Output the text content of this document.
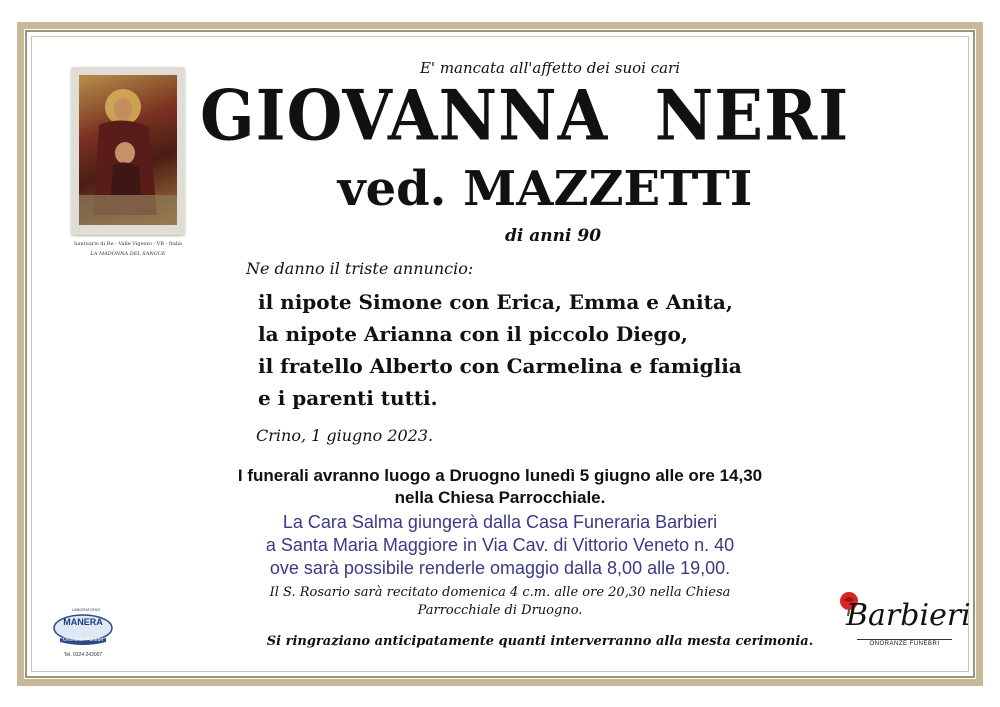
Santuario di Re - Valle Vigezzo - VB - Italia
LA MADONNA DEL SANGUE
E' mancata all'affetto dei suoi cari
GIOVANNA  NERI
ved. MAZZETTI
di anni 90
Ne danno il triste annuncio:
il nipote Simone con Erica, Emma e Anita,
la nipote Arianna con il piccolo Diego,
il fratello Alberto con Carmelina e famiglia
e i parenti tutti.
Crino, 1 giugno 2023.
I funerali avranno luogo a Druogno lunedì 5 giugno alle ore 14,30
nella Chiesa Parrocchiale.
La Cara Salma giungerà dalla Casa Funeraria Barbieri
a Santa Maria Maggiore in Via Cav. di Vittorio Veneto n. 40
ove sarà possibile renderle omaggio dalla 8,00 alle 19,00.
Il S. Rosario sarà recitato domenica 4 c.m. alle ore 20,30 nella Chiesa
Parrocchiale di Druogno.
Si ringraziano anticipatamente quanti interverranno alla mesta cerimonia.
LABORATORIO
MANERA
Onoranze Funebri
Tel. 0324 243007
Barbieri
ONORANZE FUNEBRI
